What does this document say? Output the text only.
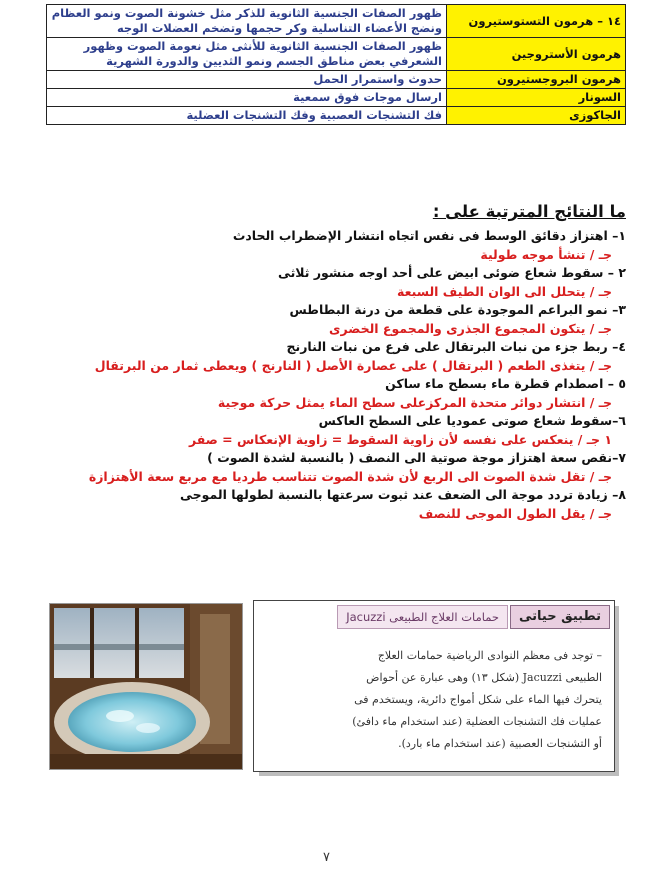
١٤ – هرمون التستوستيرون	ظهور الصفات الجنسية الثانوية للذكر مثل خشونة الصوت ونمو العظام ونضج الأعضاء التناسلية وكر حجمها وتضخم العضلات الوجه
هرمون الأستروجين	ظهور الصفات الجنسية الثانوية للأنثى مثل نعومة الصوت وظهور الشعرفي بعض مناطق الجسم ونمو الثديين والدورة الشهرية
هرمون البروجستيرون	حدوث واستمرار الحمل
السونار	ارسال موجات فوق سمعية
الجاكوزى	فك التشنجات العصبية وفك التشنجات العضلية

ما النتائج المترتبة على :

١– اهتزاز دقائق الوسط فى نفس اتجاه انتشار الإضطراب الحادث

جـ / تنشأ موجه طولية

٢ – سقوط شعاع ضوئى ابيض على أحد اوجه منشور ثلاثى

جـ / يتحلل الى الوان الطيف السبعة

٣– نمو البراعم الموجودة على قطعة من درنة البطاطس

جـ / يتكون المجموع الجذرى والمجموع الخضرى

٤– ربط جزء من نبات البرتقال على فرع من نبات النارنج

جـ / يتغذى الطعم ( البرتقال ) على عصارة الأصل ( النارنج ) ويعطى ثمار من البرتقال

٥ – اصطدام قطرة ماء بسطح ماء ساكن

جـ / انتشار دوائر متحدة المركزعلى سطح الماء يمثل حركة موجية

٦–سقوط شعاع صوتى عموديا على السطح العاكس

١ جـ / ينعكس على نفسه لأن زاوية السقوط = زاوية الإنعكاس = صفر

٧–نقص سعة اهتزاز موجة صوتية الى النصف ( بالنسبة لشدة الصوت )

جـ / تقل شدة الصوت الى الربع لأن شدة الصوت تتناسب طرديا مع مربع سعة الأهتزازة

٨– زيادة تردد موجة الى الضعف عند ثبوت سرعتها بالنسبة لطولها الموجى

جـ / يقل الطول الموجى للنصف

تطبيق حياتى
حمامات العلاج الطبيعى Jacuzzi
– توجد فى معظم النوادى الرياضية حمامات العلاج
الطبيعى Jacuzzi (شكل ١٣) وهى عبارة عن أحواض
يتحرك فيها الماء على شكل أمواج دائرية، ويستخدم فى
عمليات فك التشنجات العضلية (عند استخدام ماء دافئ)
أو التشنجات العصبية (عند استخدام ماء بارد).
٧
